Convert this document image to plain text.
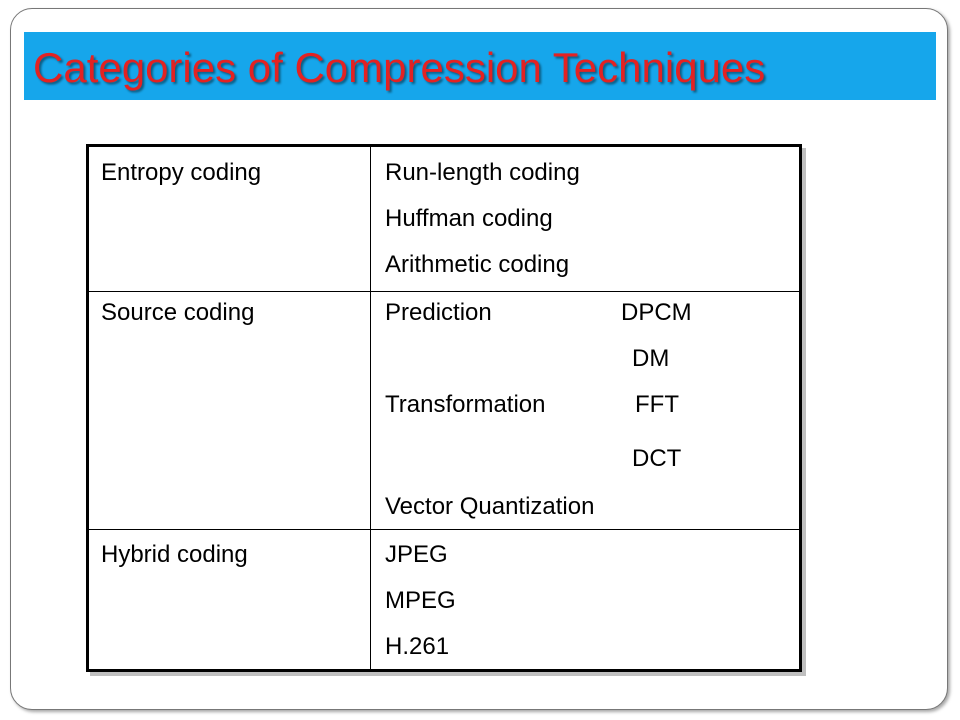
Categories of Compression Techniques
Entropy coding	Run-length coding
Huffman coding
Arithmetic coding
Source coding	Prediction	DPCM
DM
Transformation	FFT
DCT
Vector Quantization
Hybrid coding	JPEG
MPEG
H.261
